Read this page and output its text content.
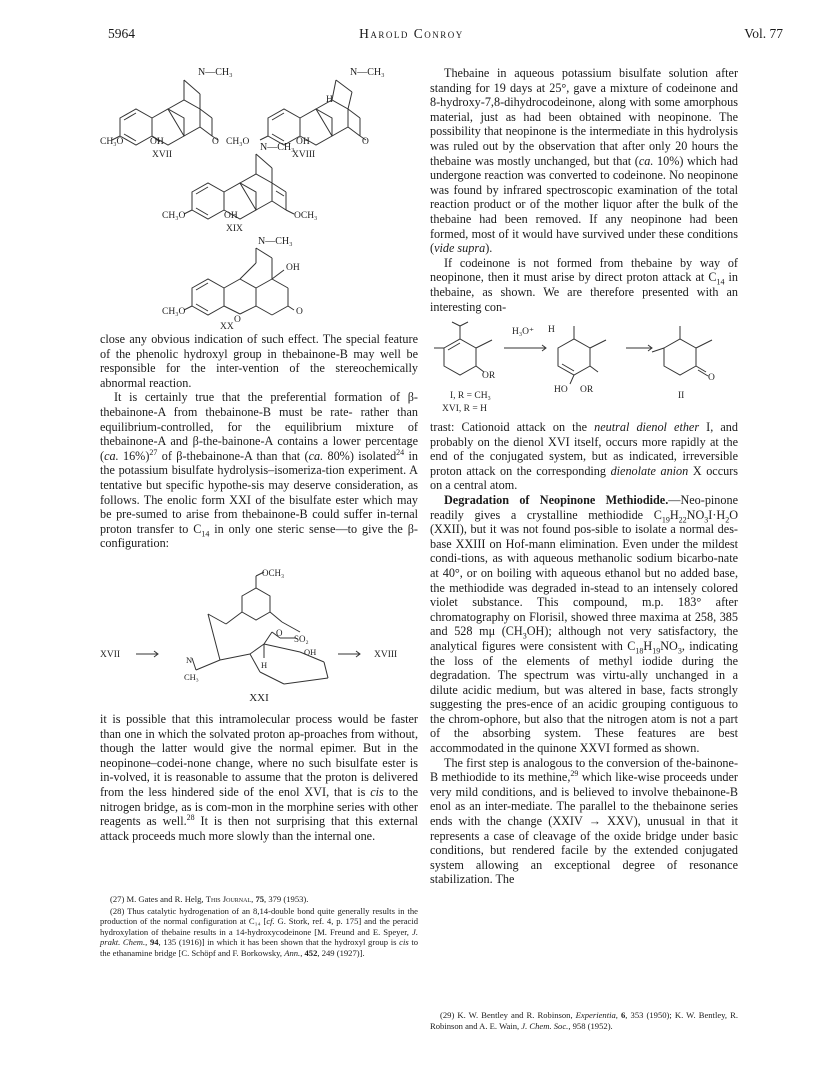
5964	Harold Conroy	Vol. 77
N—CH₃
CH₃O	OH	O
XVII
N—CH₃
H
CH₃O	OH	O
XVIII
N—CH₃
CH₃O	OH	OCH₃
XIX
N—CH₃
OH
CH₃O
O
O
XX

close any obvious indication of such effect. The special feature of the phenolic hydroxyl group in thebainone-B may well be responsible for the inter-vention of the stereochemically abnormal reaction.

It is certainly true that the preferential formation of β-thebainone-A from thebainone-B must be rate- rather than equilibrium-controlled, for the equilibrium mixture of thebainone-A and β-the-bainone-A contains a lower percentage (ca. 16%)$^{27}$ of β-thebainone-A than that (ca. 80%) isolated$^{24}$ in the potassium bisulfate hydrolysis–isomeriza-tion experiment. A tentative but specific hypothe-sis may deserve consideration, as follows. The enolic form XXI of the bisulfate ester which may be pre-sumed to arise from thebainone-B could suffer in-ternal proton transfer to $C_{14}$ in only one steric sense—to give the β-configuration:

OCH₃
SO₂
O
OH
H
N
CH₃
XVII	XVIII
XXI

it is possible that this intramolecular process would be faster than one in which the solvated proton ap-proaches from without, though the latter would give the normal epimer. But in the neopinone–codei-none change, where no such bisulfate ester is in-volved, it is reasonable to assume that the proton is delivered from the less hindered side of the enol XVI, that is cis to the nitrogen bridge, as is com-mon in the morphine series with other reagents as well.$^{28}$ It is then not surprising that this external attack proceeds much more slowly than the internal one.

(27) M. Gates and R. Helg, This Journal, 75, 379 (1953).

(28) Thus catalytic hydrogenation of an 8,14-double bond quite generally results in the production of the normal configuration at C₁₄ [cf. G. Stork, ref. 4, p. 175] and the peracid hydroxylation of thebaine results in a 14-hydroxycodeinone [M. Freund and E. Speyer, J. prakt. Chem., 94, 135 (1916)] in which it has been shown that the hydroxyl group is cis to the ethanamine bridge [C. Schöpf and F. Borkowsky, Ann., 452, 249 (1927)].

Thebaine in aqueous potassium bisulfate solution after standing for 19 days at 25°, gave a mixture of codeinone and 8-hydroxy-7,8-dihydrocodeinone, along with some amorphous material, just as had been obtained with neopinone. The possibility that neopinone is the intermediate in this hydrolysis was ruled out by the observation that after only 20 hours the thebaine was mostly unchanged, but that (ca. 10%) which had undergone reaction was converted to codeinone. No neopinone was found by infrared spectroscopic examination of the total reaction product or of the mother liquor after the bulk of the thebaine had been removed. If any neopinone had been formed, most of it would have survived under these conditions (vide supra).

If codeinone is not formed from thebaine by way of neopinone, then it must arise by direct proton attack at $C_{14}$ in thebaine, as shown. We are therefore presented with an interesting con-

H₃O⁺
OR
H
HO OR
O
I, R = CH₃
XVI, R = H
II

trast: Cationoid attack on the neutral dienol ether I, and probably on the dienol XVI itself, occurs more rapidly at the end of the conjugated system, but as indicated, irreversible proton attack on the corresponding dienolate anion X occurs on a central atom.

Degradation of Neopinone Methiodide.—Neo-pinone readily gives a crystalline methiodide $C_{19}H_{22}NO_3I\cdot H_2O$ (XXII), but it was not found pos-sible to isolate a normal des-base XXIII on Hof-mann elimination. Even under the mildest condi-tions, as with aqueous methanolic sodium bicarbo-nate at 40°, or on boiling with aqueous ethanol but no added base, the methiodide was degraded in-stead to an intensely colored violet substance. This compound, m.p. 183° after chromatography on Florisil, showed three maxima at 258, 385 and 528 mμ $(CH_3OH)$; although not very satisfactory, the analytical figures were consistent with $C_{18}H_{19}NO_3$, indicating the loss of the elements of methyl iodide during the degradation. The spectrum was virtu-ally unchanged in a dilute acidic medium, but was altered in base, facts strongly suggesting the pres-ence of an acidic grouping contiguous to the chrom-ophore, but also that the nitrogen atom is not a part of the absorbing system. These features are best accommodated in the quinone XXVI formed as shown.

The first step is analogous to the conversion of the-bainone-B methiodide to its methine,$^{29}$ which like-wise proceeds under very mild conditions, and is believed to involve thebainone-B enol as an inter-mediate. The parallel to the thebainone series ends with the change (XXIV → XXV), unusual in that it represents a case of cleavage of the oxide bridge under basic conditions, but rendered facile by the extended conjugated system allowing an exceptional degree of resonance stabilization. The

(29) K. W. Bentley and R. Robinson, Experientia, 6, 353 (1950); K. W. Bentley, R. Robinson and A. E. Wain, J. Chem. Soc., 958 (1952).
